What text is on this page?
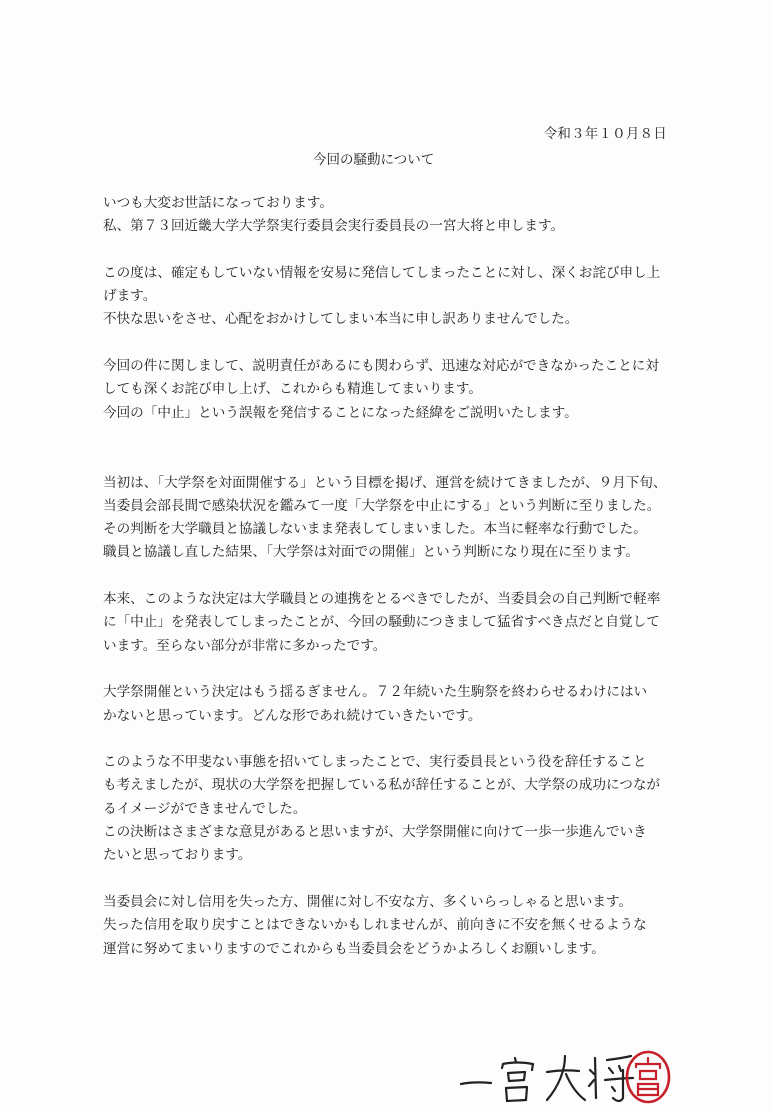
令和３年１０月８日
今回の騒動について

いつも大変お世話になっております。
私、第７３回近畿大学大学祭実行委員会実行委員長の一宮大将と申します。

この度は、確定もしていない情報を安易に発信してしまったことに対し、深くお詫び申し上
げます。
不快な思いをさせ、心配をおかけしてしまい本当に申し訳ありませんでした。

今回の件に関しまして、説明責任があるにも関わらず、迅速な対応ができなかったことに対
しても深くお詫び申し上げ、これからも精進してまいります。
今回の「中止」という誤報を発信することになった経緯をご説明いたします。

当初は、「大学祭を対面開催する」という目標を掲げ、運営を続けてきましたが、９月下旬、
当委員会部長間で感染状況を鑑みて一度「大学祭を中止にする」という判断に至りました。
その判断を大学職員と協議しないまま発表してしまいました。本当に軽率な行動でした。
職員と協議し直した結果、「大学祭は対面での開催」という判断になり現在に至ります。

本来、このような決定は大学職員との連携をとるべきでしたが、当委員会の自己判断で軽率
に「中止」を発表してしまったことが、今回の騒動につきまして猛省すべき点だと自覚して
います。至らない部分が非常に多かったです。

大学祭開催という決定はもう揺るぎません。７２年続いた生駒祭を終わらせるわけにはい
かないと思っています。どんな形であれ続けていきたいです。

このような不甲斐ない事態を招いてしまったことで、実行委員長という役を辞任すること
も考えましたが、現状の大学祭を把握している私が辞任することが、大学祭の成功につなが
るイメージができませんでした。
この決断はさまざまな意見があると思いますが、大学祭開催に向けて一歩一歩進んでいき
たいと思っております。

当委員会に対し信用を失った方、開催に対し不安な方、多くいらっしゃると思います。
失った信用を取り戻すことはできないかもしれませんが、前向きに不安を無くせるような
運営に努めてまいりますのでこれからも当委員会をどうかよろしくお願いします。
